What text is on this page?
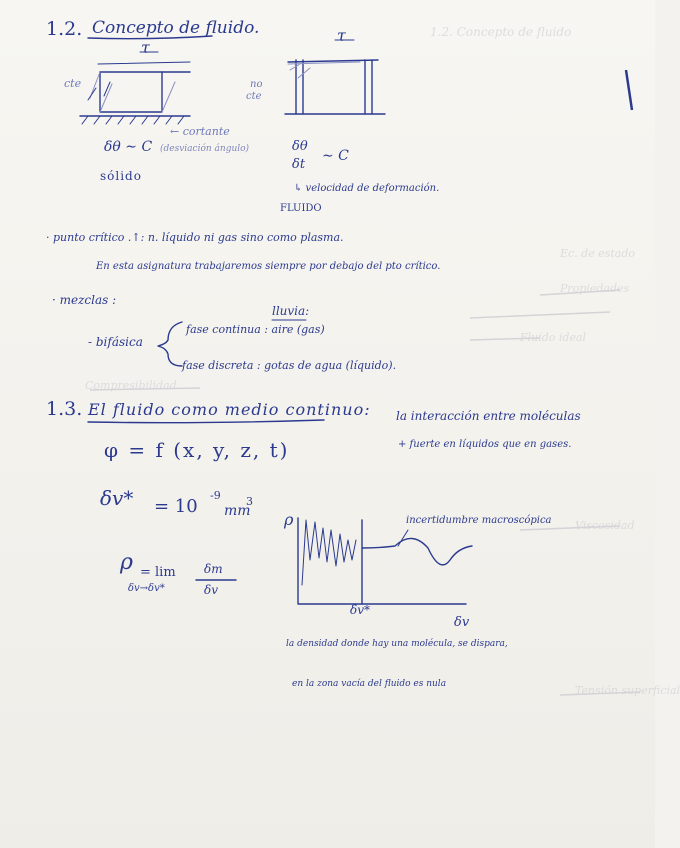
1.2. Concepto de fluido
Ec. de estado
Propiedades
Fluido ideal
Compresibilidad
Viscosidad
Tensión superficial
1.2. Concepto de fluido.
τ
cte
τ
no
cte
← cortante
δθ ∼ C (desviación ángulo)
sólido
δθ
δt
∼ C
↳ velocidad de deformación.
FLUIDO
· punto crítico .↑: n. líquido ni gas sino como plasma.
En esta asignatura trabajaremos siempre por debajo del pto crítico.
· mezclas :
lluvia:
- bifásica
fase continua : aire (gas)
fase discreta : gotas de agua (líquido).
1.3. El fluido como medio continuo: la interacción entre moléculas
+ fuerte en líquidos que en gases.
φ = f (x, y, z, t)
δv* = 10
-9
mm
3
ρ = lim
δv→δv*
δm
δv
ρ	incertidumbre macroscópica
δv*
δv
la densidad donde hay una molécula, se dispara,
en la zona vacía del fluido es nula
